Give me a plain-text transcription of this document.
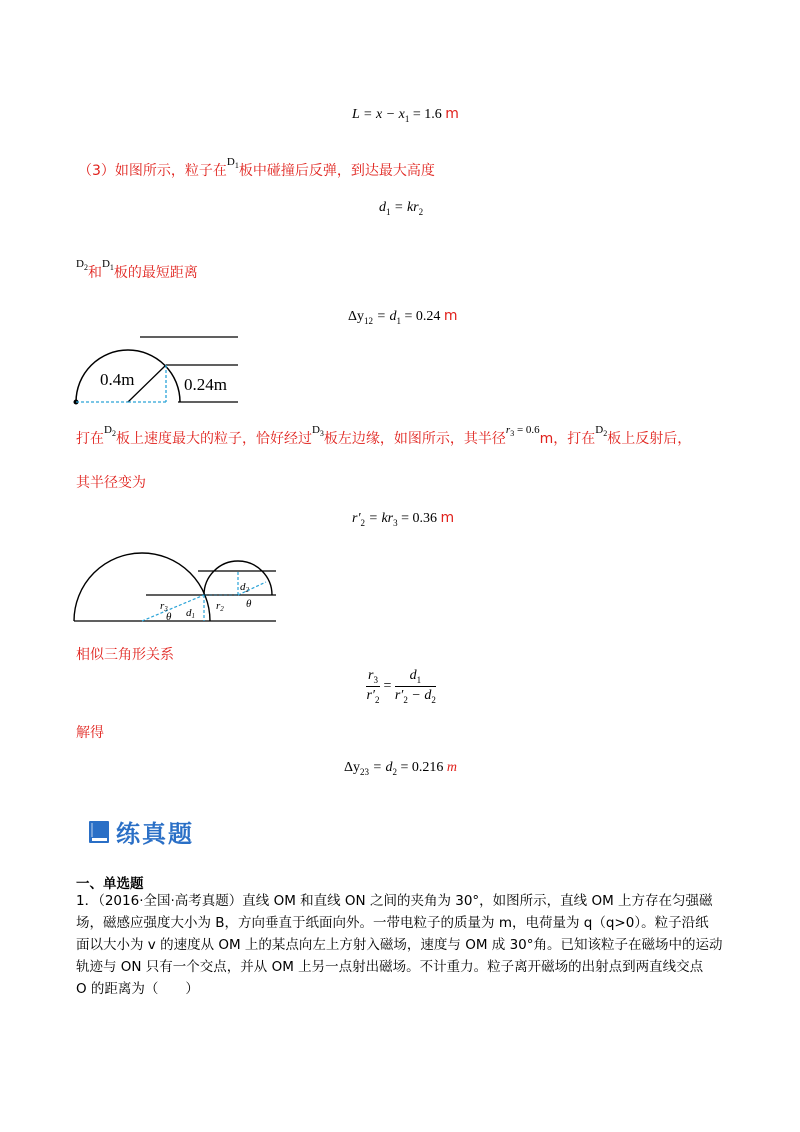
$L = x - x_1 = 1.6$ m
（3）如图所示，粒子在$^{D_1}$板中碰撞后反弹，到达最大高度
$d_1 = kr_2$
$^{D_2}$和$^{D_1}$板的最短距离
$\Delta y_{12} = d_1 = 0.24$ m
0.4m	0.24m
打在$^{D_2}$板上速度最大的粒子，恰好经过$^{D_3}$板左边缘，如图所示，其半径$^{r_3 = 0.6}$m，打在$^{D_2}$板上反射后，
其半径变为
$r'_2 = kr_3 = 0.36$ m
r3
θ d1
r2
d2
θ
相似三角形关系
$\frac{r_3}{r'_2} = \frac{d_1}{r'_2 - d_2}$
解得
$\Delta y_{23} = d_2 = 0.216$ m
练真题
一、单选题
1．（2016·全国·高考真题）直线 OM 和直线 ON 之间的夹角为 30°，如图所示，直线 OM 上方存在匀强磁
场，磁感应强度大小为 B，方向垂直于纸面向外。一带电粒子的质量为 m，电荷量为 q（q>0）。粒子沿纸
面以大小为 v 的速度从 OM 上的某点向左上方射入磁场，速度与 OM 成 30°角。已知该粒子在磁场中的运动
轨迹与 ON 只有一个交点，并从 OM 上另一点射出磁场。不计重力。粒子离开磁场的出射点到两直线交点
O 的距离为（　　）
